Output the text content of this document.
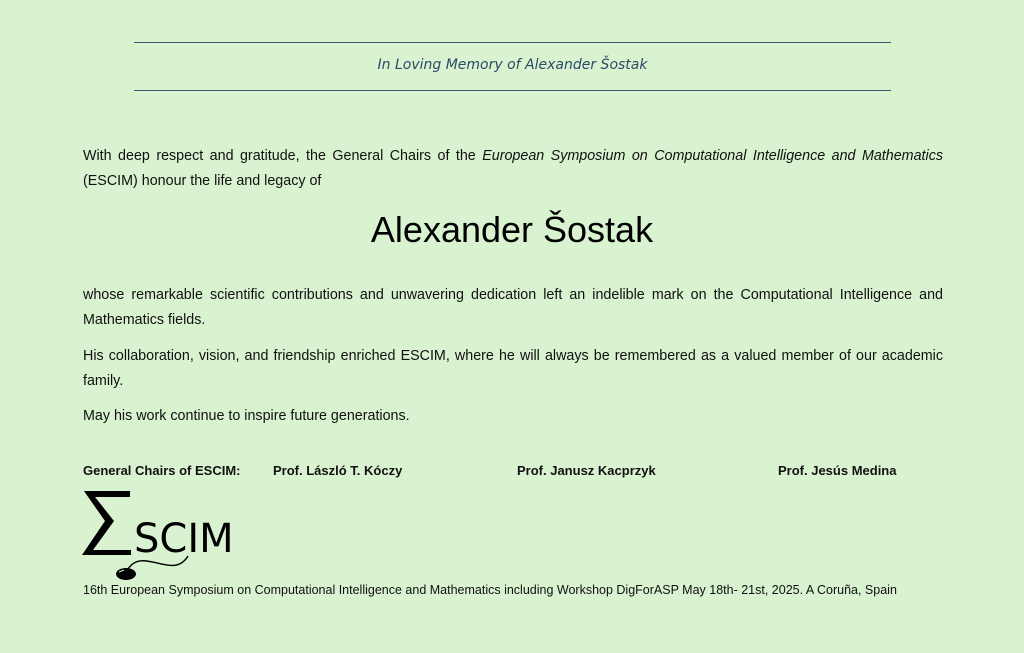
In Loving Memory of Alexander Šostak
With deep respect and gratitude, the General Chairs of the European Symposium on Computational Intelligence and Mathematics (ESCIM) honour the life and legacy of
Alexander Šostak
whose remarkable scientific contributions and unwavering dedication left an indelible mark on the Computational Intelligence and Mathematics fields.
His collaboration, vision, and friendship enriched ESCIM, where he will always be remembered as a valued member of our academic family.
May his work continue to inspire future generations.
General Chairs of ESCIM:	Prof. László T. Kóczy	Prof. Janusz Kacprzyk	Prof. Jesús Medina
SCIM
16th European Symposium on Computational Intelligence and Mathematics including Workshop DigForASP May 18th- 21st, 2025. A Coruña, Spain
